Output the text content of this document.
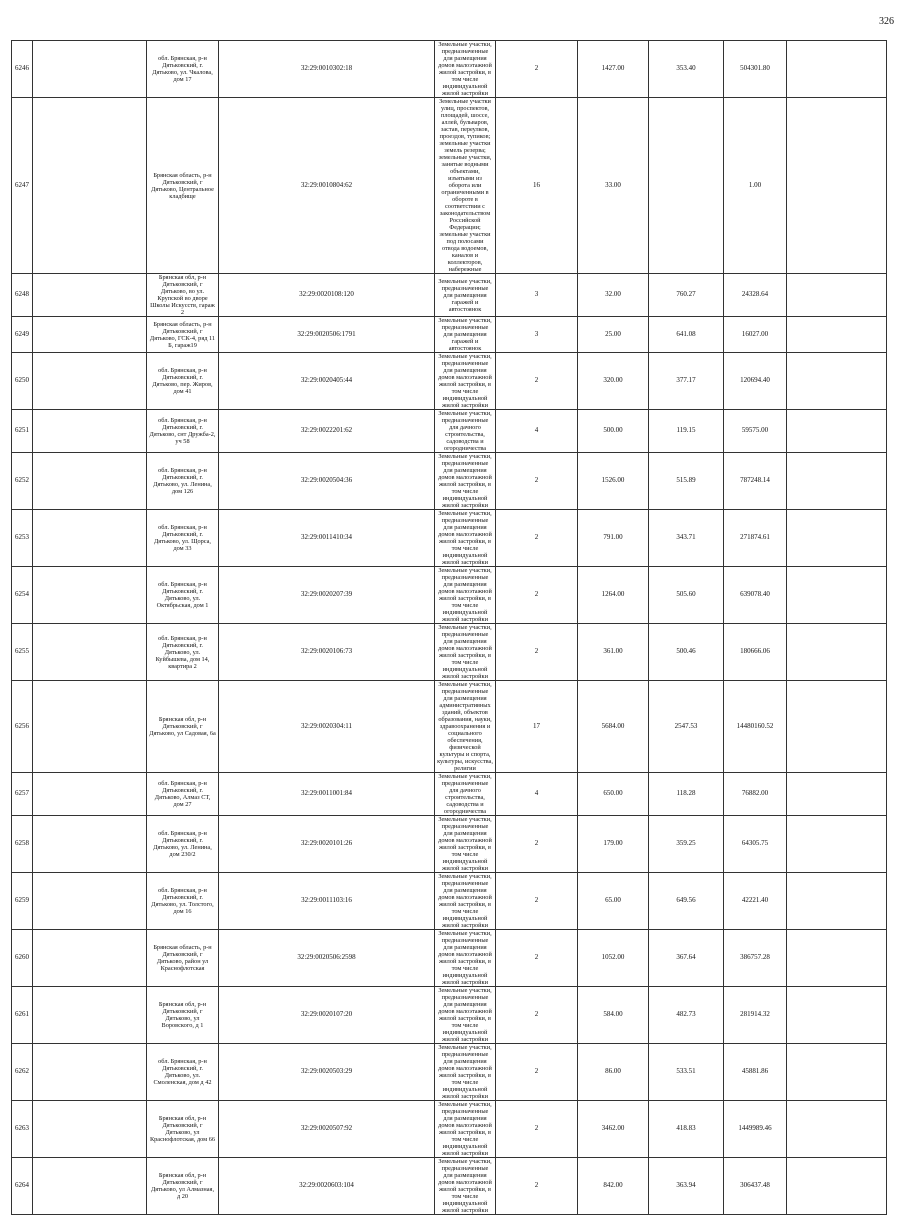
326
6246		обл. Брянская, р-н Дятьковский, г. Дятьково, ул. Чкалова, дом 17	32:29:0010302:18	Земельные участки, предназначенные для размещения домов малоэтажной жилой застройки, в том числе индивидуальной жилой застройки	2	1427.00	353.40	504301.80	
6247		Брянская область, р-н Дятьковский, г Дятьково, Центральное кладбище	32:29:0010804:62	Земельные участки улиц, проспектов, площадей, шоссе, аллей, бульваров, застав, переулков, проездов, тупиков; земельные участки земель резерва; земельные участки, занятые водными объектами, изъятыми из оборота или ограниченными в обороте в соответствии с законодательством Российской Федерации; земельные участки под полосами отвода водоемов, каналов и коллекторов, набережные	16	33.00		1.00	
6248		Брянская обл, р-н Дятьковский, г Дятьково, во ул. Крупской во дворе Школы Искусств, гараж 2	32:29:0020108:120	Земельные участки, предназначенные для размещения гаражей и автостоянок	3	32.00	760.27	24328.64	
6249		Брянская область, р-н Дятьковский, г Дятьково, ГСК-4, ряд 11 Б, гараж19	32:29:0020506:1791	Земельные участки, предназначенные для размещения гаражей и автостоянок	3	25.00	641.08	16027.00	
6250		обл. Брянская, р-н Дятьковский, г. Дятьково, пер. Жиров, дом 41	32:29:0020405:44	Земельные участки, предназначенные для размещения домов малоэтажной жилой застройки, в том числе индивидуальной жилой застройки	2	320.00	377.17	120694.40	
6251		обл. Брянская, р-н Дятьковский, г. Дятьково, снт Дружба-2, уч 58	32:29:0022201:62	Земельные участки, предназначенные для дачного строительства, садоводства и огородничества	4	500.00	119.15	59575.00	
6252		обл. Брянская, р-н Дятьковский, г. Дятьково, ул. Ленина, дом 126	32:29:0020504:36	Земельные участки, предназначенные для размещения домов малоэтажной жилой застройки, в том числе индивидуальной жилой застройки	2	1526.00	515.89	787248.14	
6253		обл. Брянская, р-н Дятьковский, г. Дятьково, ул. Щорса, дом 33	32:29:0011410:34	Земельные участки, предназначенные для размещения домов малоэтажной жилой застройки, в том числе индивидуальной жилой застройки	2	791.00	343.71	271874.61	
6254		обл. Брянская, р-н Дятьковский, г. Дятьково, ул. Октябрьская, дом 1	32:29:0020207:39	Земельные участки, предназначенные для размещения домов малоэтажной жилой застройки, в том числе индивидуальной жилой застройки	2	1264.00	505.60	639078.40	
6255		обл. Брянская, р-н Дятьковский, г. Дятьково, ул. Куйбышева, дом 14, квартира 2	32:29:0020106:73	Земельные участки, предназначенные для размещения домов малоэтажной жилой застройки, в том числе индивидуальной жилой застройки	2	361.00	500.46	180666.06	
6256		Брянская обл, р-н Дятьковский, г Дятьково, ул Садовая, 6а	32:29:0020304:11	Земельные участки, предназначенные для размещения административных зданий, объектов образования, науки, здравоохранения и социального обеспечения, физической культуры и спорта, культуры, искусства, религии	17	5684.00	2547.53	14480160.52	
6257		обл. Брянская, р-н Дятьковский, г. Дятьково, Алмаз СТ, дом 27	32:29:0011001:84	Земельные участки, предназначенные для дачного строительства, садоводства и огородничества	4	650.00	118.28	76882.00	
6258		обл. Брянская, р-н Дятьковский, г. Дятьково, ул. Ленина, дом 230/2	32:29:0020101:26	Земельные участки, предназначенные для размещения домов малоэтажной жилой застройки, в том числе индивидуальной жилой застройки	2	179.00	359.25	64305.75	
6259		обл. Брянская, р-н Дятьковский, г. Дятьково, ул. Толстого, дом 16	32:29:0011103:16	Земельные участки, предназначенные для размещения домов малоэтажной жилой застройки, в том числе индивидуальной жилой застройки	2	65.00	649.56	42221.40	
6260		Брянская область, р-н Дятьковский, г Дятьково, район ул Краснофлотская	32:29:0020506:2598	Земельные участки, предназначенные для размещения домов малоэтажной жилой застройки, в том числе индивидуальной жилой застройки	2	1052.00	367.64	386757.28	
6261		Брянская обл, р-н Дятьковский, г Дятьково, ул Воровского, д 1	32:29:0020107:20	Земельные участки, предназначенные для размещения домов малоэтажной жилой застройки, в том числе индивидуальной жилой застройки	2	584.00	482.73	281914.32	
6262		обл. Брянская, р-н Дятьковский, г. Дятьково, ул. Смоленская, дом д 42	32:29:0020503:29	Земельные участки, предназначенные для размещения домов малоэтажной жилой застройки, в том числе индивидуальной жилой застройки	2	86.00	533.51	45881.86	
6263		Брянская обл, р-н Дятьковский, г Дятьково, ул Краснофлотская, дом 66	32:29:0020507:92	Земельные участки, предназначенные для размещения домов малоэтажной жилой застройки, в том числе индивидуальной жилой застройки	2	3462.00	418.83	1449989.46	
6264		Брянская обл, р-н Дятьковский, г Дятьково, ул Алмазная, д 20	32:29:0020603:104	Земельные участки, предназначенные для размещения домов малоэтажной жилой застройки, в том числе индивидуальной жилой застройки	2	842.00	363.94	306437.48	
